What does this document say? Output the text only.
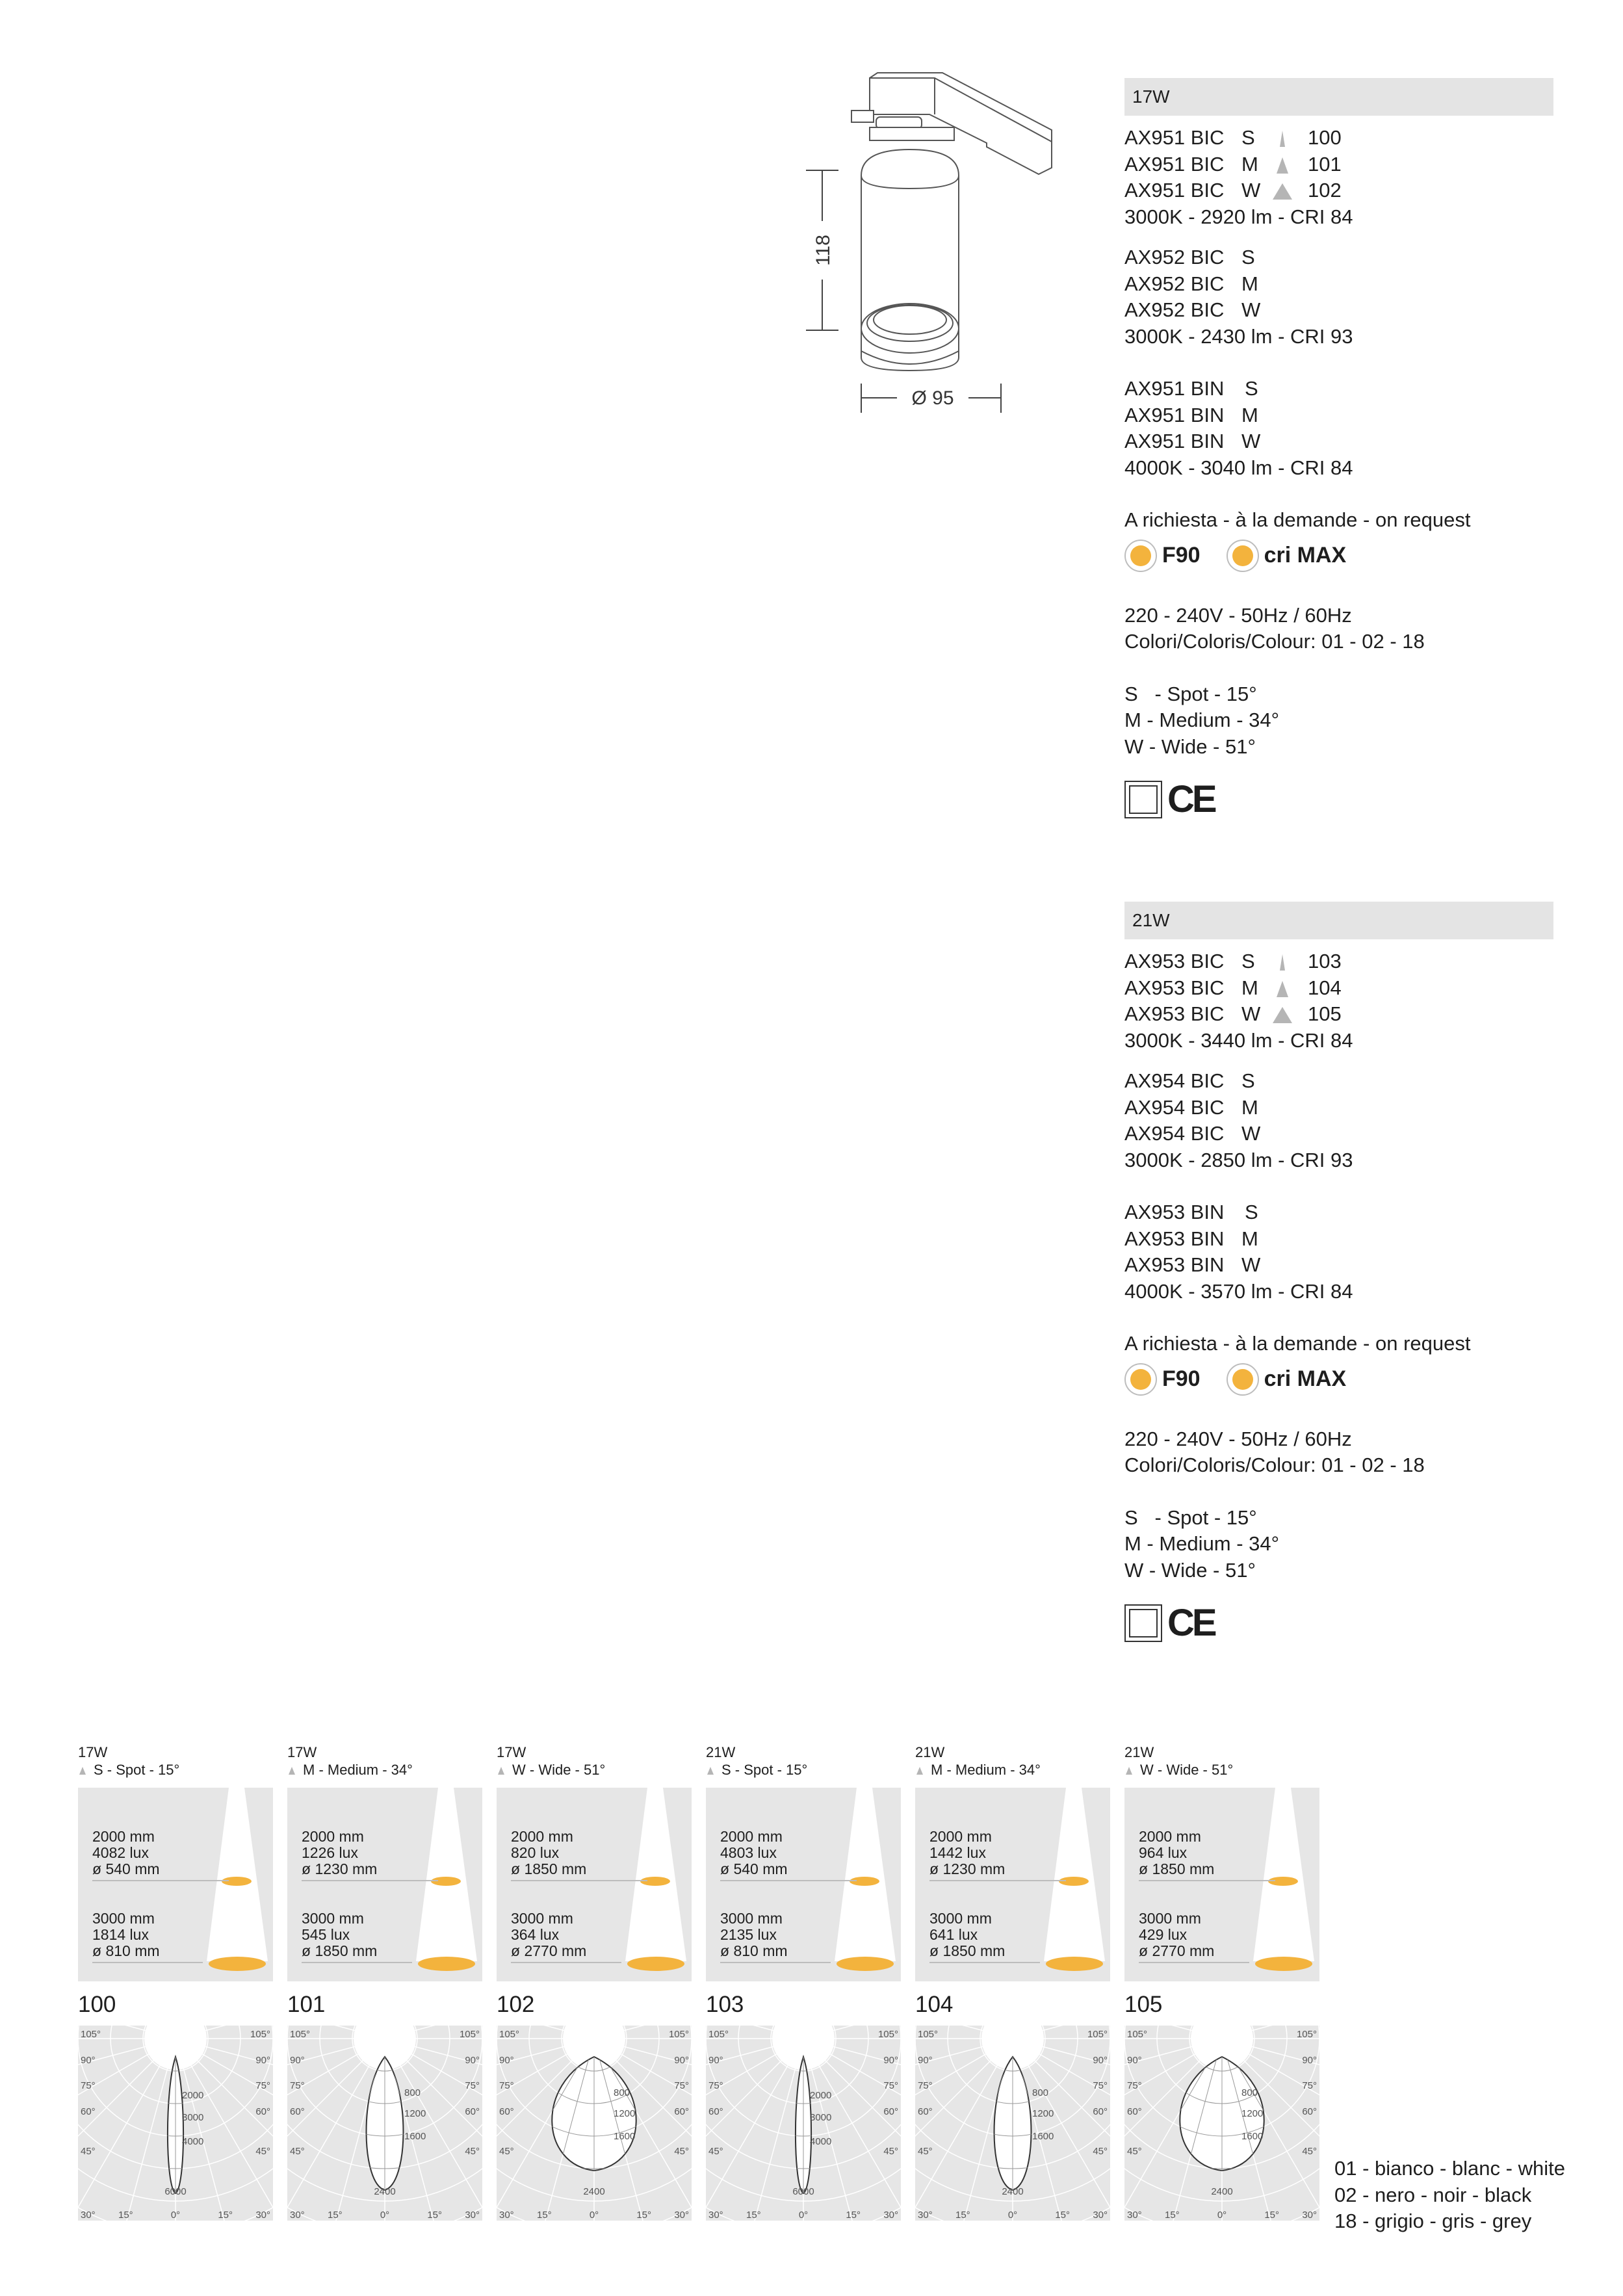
118
Ø 95
17W
AX951 BIC S	100
AX951 BIC M 101
AX951 BIC W 102
3000K - 2920 lm - CRI 84
AX952 BIC S
AX952 BIC M
AX952 BIC W
3000K - 2430 lm - CRI 93
AX951 BIN S
AX951 BIN M
AX951 BIN W
4000K - 3040 lm - CRI 84
A richiesta - à la demande - on request
F90	cri MAX
220 - 240V - 50Hz / 60Hz
Colori/Coloris/Colour: 01 - 02 - 18
S   - Spot - 15°
M - Medium - 34°
W - Wide - 51°
CE
21W
AX953 BIC S	103
AX953 BIC M 104
AX953 BIC W 105
3000K - 3440 lm - CRI 84
AX954 BIC S
AX954 BIC M
AX954 BIC W
3000K - 2850 lm - CRI 93
AX953 BIN S
AX953 BIN M
AX953 BIN W
4000K - 3570 lm - CRI 84
A richiesta - à la demande - on request
F90	cri MAX
220 - 240V - 50Hz / 60Hz
Colori/Coloris/Colour: 01 - 02 - 18
S   - Spot - 15°
M - Medium - 34°
W - Wide - 51°
CE
17W
S - Spot - 15°
2000 mm
4082 lux
ø 540 mm
3000 mm
1814 lux
ø 810 mm
100
105°	105°
90°	90°
75°	75°
60°	60°
45°	45°
30°	30°
15°	15°
0°
2000
3000
4000
6000
17W
M - Medium - 34°
2000 mm
1226 lux
ø 1230 mm
3000 mm
545 lux
ø 1850 mm
101
105°	105°
90°	90°
75°	75°
60°	60°
45°	45°
30°	30°
15°	15°
0°
800
1200
1600
2400
17W
W - Wide - 51°
2000 mm
820 lux
ø 1850 mm
3000 mm
364 lux
ø 2770 mm
102
105°	105°
90°	90°
75°	75°
60°	60°
45°	45°
30°	30°
15°	15°
0°
800
1200
1600
2400
21W
S - Spot - 15°
2000 mm
4803 lux
ø 540 mm
3000 mm
2135 lux
ø 810 mm
103
105°	105°
90°	90°
75°	75°
60°	60°
45°	45°
30°	30°
15°	15°
0°
2000
3000
4000
6000
21W
M - Medium - 34°
2000 mm
1442 lux
ø 1230 mm
3000 mm
641 lux
ø 1850 mm
104
105°	105°
90°	90°
75°	75°
60°	60°
45°	45°
30°	30°
15°	15°
0°
800
1200
1600
2400
21W
W - Wide - 51°
2000 mm
964 lux
ø 1850 mm
3000 mm
429 lux
ø 2770 mm
105
105°	105°
90°	90°
75°	75°
60°	60°
45°	45°
30°	30°
15°	15°
0°
800
1200
1600
2400
01 - bianco - blanc - white
02 - nero - noir - black
18 - grigio - gris - grey
